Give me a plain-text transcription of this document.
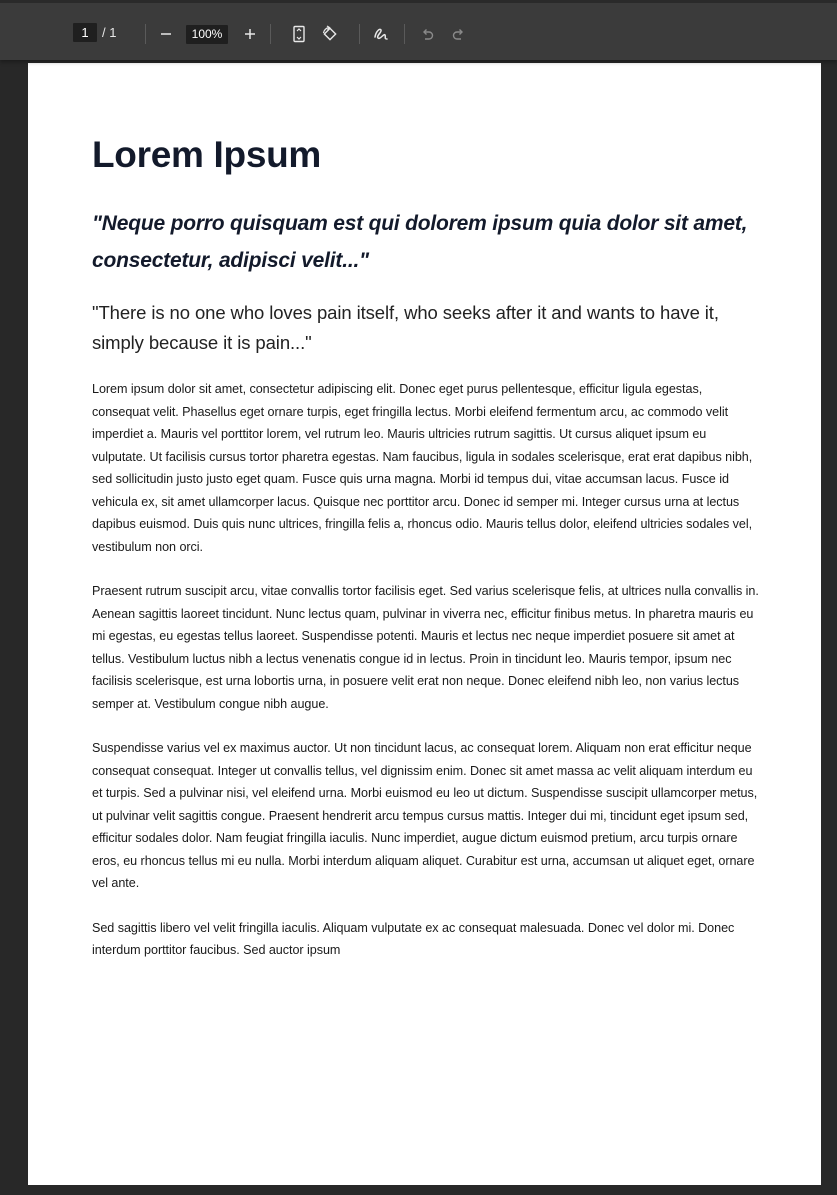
1	/ 1	100%
Lorem Ipsum
"Neque porro quisquam est qui dolorem ipsum quia dolor sit amet, consectetur, adipisci velit..."

"There is no one who loves pain itself, who seeks after it and wants to have it, simply because it is pain..."

Lorem ipsum dolor sit amet, consectetur adipiscing elit. Donec eget purus pellentesque, efficitur ligula egestas, consequat velit. Phasellus eget ornare turpis, eget fringilla lectus. Morbi eleifend fermentum arcu, ac commodo velit imperdiet a. Mauris vel porttitor lorem, vel rutrum leo. Mauris ultricies rutrum sagittis. Ut cursus aliquet ipsum eu vulputate. Ut facilisis cursus tortor pharetra egestas. Nam faucibus, ligula in sodales scelerisque, erat erat dapibus nibh, sed sollicitudin justo justo eget quam. Fusce quis urna magna. Morbi id tempus dui, vitae accumsan lacus. Fusce id vehicula ex, sit amet ullamcorper lacus. Quisque nec porttitor arcu. Donec id semper mi. Integer cursus urna at lectus dapibus euismod. Duis quis nunc ultrices, fringilla felis a, rhoncus odio. Mauris tellus dolor, eleifend ultricies sodales vel, vestibulum non orci.

Praesent rutrum suscipit arcu, vitae convallis tortor facilisis eget. Sed varius scelerisque felis, at ultrices nulla convallis in. Aenean sagittis laoreet tincidunt. Nunc lectus quam, pulvinar in viverra nec, efficitur finibus metus. In pharetra mauris eu mi egestas, eu egestas tellus laoreet. Suspendisse potenti. Mauris et lectus nec neque imperdiet posuere sit amet at tellus. Vestibulum luctus nibh a lectus venenatis congue id in lectus. Proin in tincidunt leo. Mauris tempor, ipsum nec facilisis scelerisque, est urna lobortis urna, in posuere velit erat non neque. Donec eleifend nibh leo, non varius lectus semper at. Vestibulum congue nibh augue.

Suspendisse varius vel ex maximus auctor. Ut non tincidunt lacus, ac consequat lorem. Aliquam non erat efficitur neque consequat consequat. Integer ut convallis tellus, vel dignissim enim. Donec sit amet massa ac velit aliquam interdum eu et turpis. Sed a pulvinar nisi, vel eleifend urna. Morbi euismod eu leo ut dictum. Suspendisse suscipit ullamcorper metus, ut pulvinar velit sagittis congue. Praesent hendrerit arcu tempus cursus mattis. Integer dui mi, tincidunt eget ipsum sed, efficitur sodales dolor. Nam feugiat fringilla iaculis. Nunc imperdiet, augue dictum euismod pretium, arcu turpis ornare eros, eu rhoncus tellus mi eu nulla. Morbi interdum aliquam aliquet. Curabitur est urna, accumsan ut aliquet eget, ornare vel ante.

Sed sagittis libero vel velit fringilla iaculis. Aliquam vulputate ex ac consequat malesuada. Donec vel dolor mi. Donec interdum porttitor faucibus. Sed auctor ipsum
